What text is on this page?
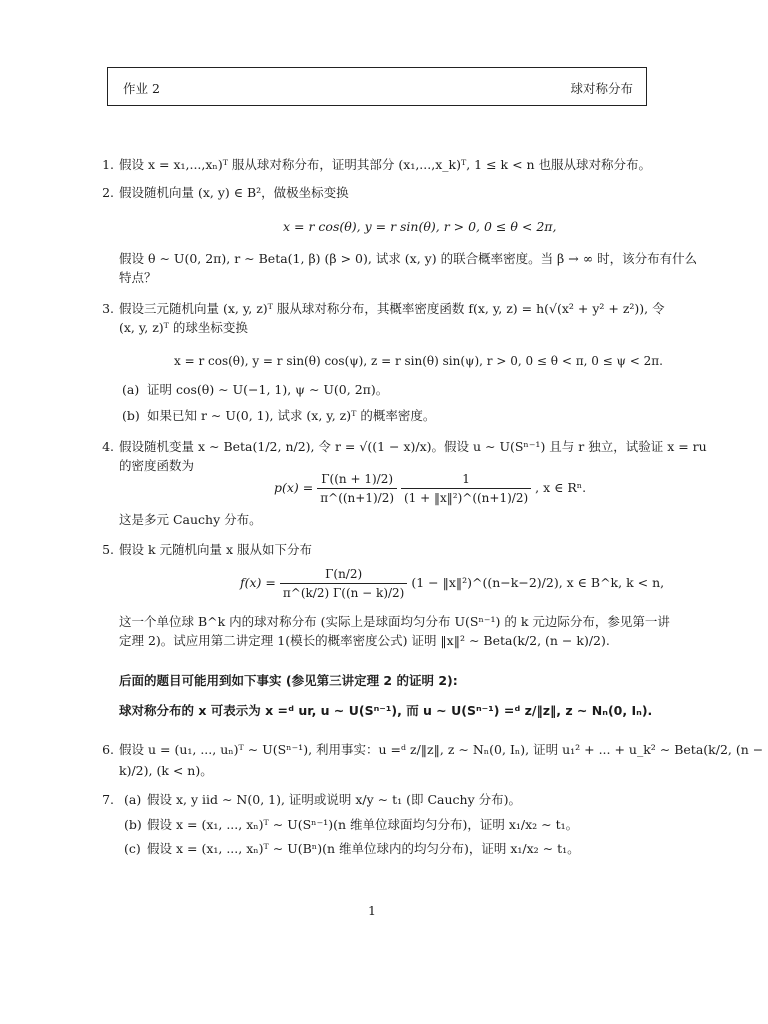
作业 2	球对称分布
1. 假设 x = x₁,...,xₙ)ᵀ 服从球对称分布，证明其部分 (x₁,...,x_k)ᵀ, 1 ≤ k < n 也服从球对称分布。
2. 假设随机向量 (x, y) ∈ B²，做极坐标变换
x = r cos(θ), y = r sin(θ), r > 0, 0 ≤ θ < 2π,
假设 θ ∼ U(0, 2π), r ∼ Beta(1, β) (β > 0), 试求 (x, y) 的联合概率密度。当 β → ∞ 时，该分布有什么
特点？
3. 假设三元随机向量 (x, y, z)ᵀ 服从球对称分布，其概率密度函数 f(x, y, z) = h(√(x² + y² + z²)), 令
(x, y, z)ᵀ 的球坐标变换
x = r cos(θ), y = r sin(θ) cos(ψ), z = r sin(θ) sin(ψ), r > 0, 0 ≤ θ < π, 0 ≤ ψ < 2π.
(a) 证明 cos(θ) ∼ U(−1, 1), ψ ∼ U(0, 2π)。
(b) 如果已知 r ∼ U(0, 1), 试求 (x, y, z)ᵀ 的概率密度。
4. 假设随机变量 x ∼ Beta(1/2, n/2), 令 r = √((1 − x)/x)。假设 u ∼ U(Sⁿ⁻¹) 且与 r 独立，试验证 x = ru
的密度函数为
$p(x) = \frac{\Gamma((n + 1)/2)}{\pi\^{}((n+1)/2)}$
$\frac{1}{\text{(1 + ‖x‖²)\textasciicircum{}((n+1)/2)}}$ , x ∈ Rⁿ.
这是多元 Cauchy 分布。
5. 假设 k 元随机向量 x 服从如下分布
$f(x) = \frac{\Gamma(n/2)}{\pi\^{}(k/2) \Gamma((n - k)/2)} (1$ − ‖x‖²)^((n−k−2)/2), x ∈ B^k, k < n,
这一个单位球 B^k 内的球对称分布 (实际上是球面均匀分布 U(Sⁿ⁻¹) 的 k 元边际分布，参见第一讲
定理 2)。试应用第二讲定理 1(模长的概率密度公式) 证明 ‖x‖² ∼ Beta(k/2, (n − k)/2).
后面的题目可能用到如下事实 (参见第三讲定理 2 的证明 2):
球对称分布的 x 可表示为 x =ᵈ ur, u ∼ U(Sⁿ⁻¹), 而 u ∼ U(Sⁿ⁻¹) =ᵈ z/‖z‖, z ∼ Nₙ(0, Iₙ).
6. 假设 u = (u₁, ..., uₙ)ᵀ ∼ U(Sⁿ⁻¹), 利用事实：u =ᵈ z/‖z‖, z ∼ Nₙ(0, Iₙ), 证明 u₁² + ... + u_k² ∼ Beta(k/2, (n −
k)/2), (k < n)。
7. (a) 假设 x, y iid ∼ N(0, 1), 证明或说明 x/y ∼ t₁ (即 Cauchy 分布)。
(b) 假设 x = (x₁, ..., xₙ)ᵀ ∼ U(Sⁿ⁻¹)(n 维单位球面均匀分布)，证明 x₁/x₂ ∼ t₁。
(c) 假设 x = (x₁, ..., xₙ)ᵀ ∼ U(Bⁿ)(n 维单位球内的均匀分布)，证明 x₁/x₂ ∼ t₁。
1
